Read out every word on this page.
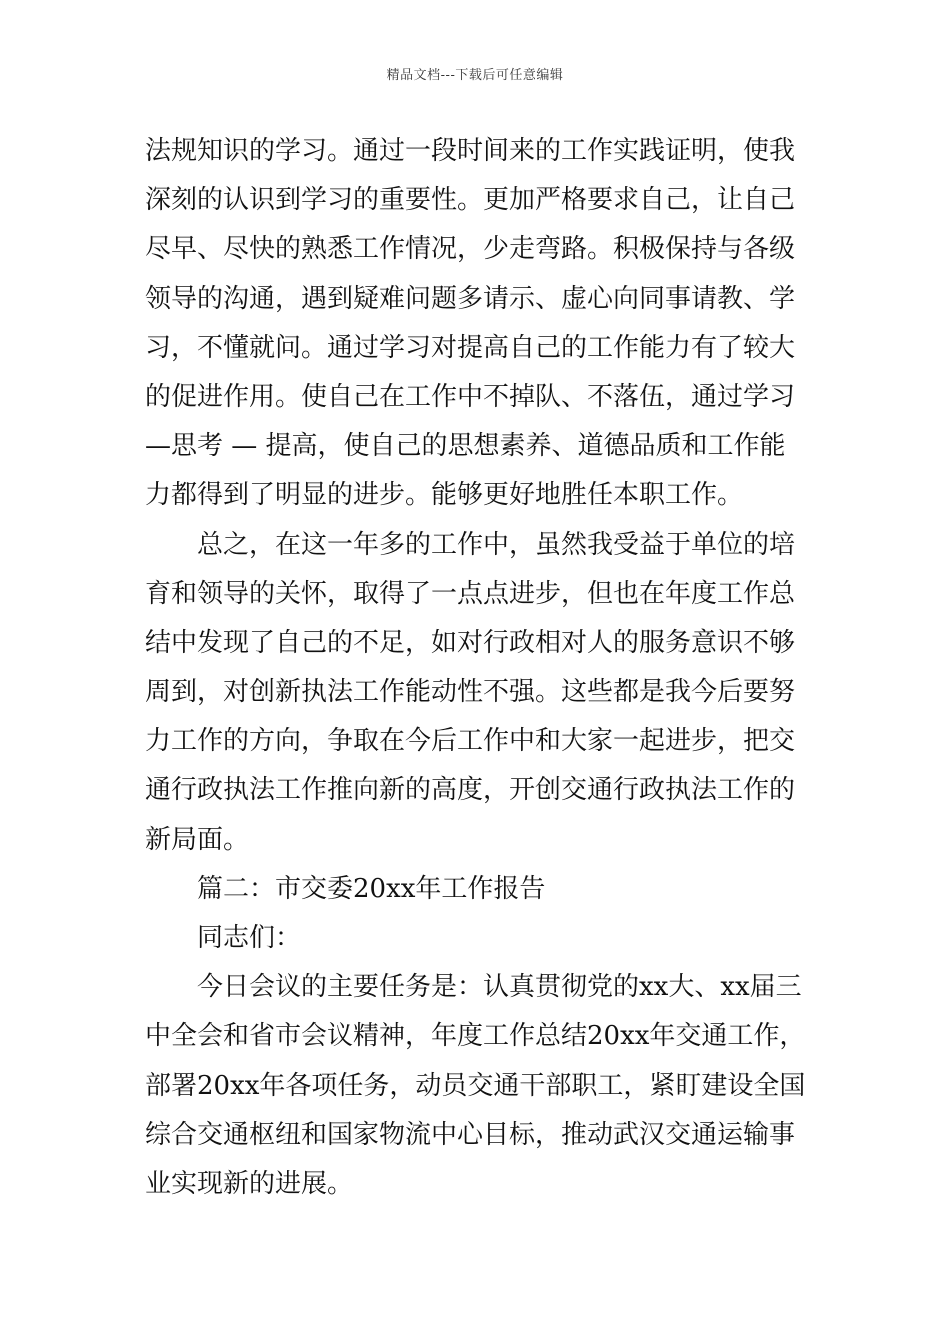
精品文档---下载后可任意编辑
法规知识的学习。通过一段时间来的工作实践证明，使我
深刻的认识到学习的重要性。更加严格要求自己，让自己
尽早、尽快的熟悉工作情况，少走弯路。积极保持与各级
领导的沟通，遇到疑难问题多请示、虚心向同事请教、学
习，不懂就问。通过学习对提高自己的工作能力有了较大
的促进作用。使自己在工作中不掉队、不落伍，通过学习
—思考 — 提高，使自己的思想素养、道德品质和工作能
力都得到了明显的进步。能够更好地胜任本职工作。
总之，在这一年多的工作中，虽然我受益于单位的培
育和领导的关怀，取得了一点点进步，但也在年度工作总
结中发现了自己的不足，如对行政相对人的服务意识不够
周到，对创新执法工作能动性不强。这些都是我今后要努
力工作的方向，争取在今后工作中和大家一起进步，把交
通行政执法工作推向新的高度，开创交通行政执法工作的
新局面。
篇二：市交委20xx年工作报告
同志们：
今日会议的主要任务是：认真贯彻党的xx大、xx届三
中全会和省市会议精神，年度工作总结20xx年交通工作，
部署20xx年各项任务，动员交通干部职工，紧盯建设全国
综合交通枢纽和国家物流中心目标，推动武汉交通运输事
业实现新的进展。
